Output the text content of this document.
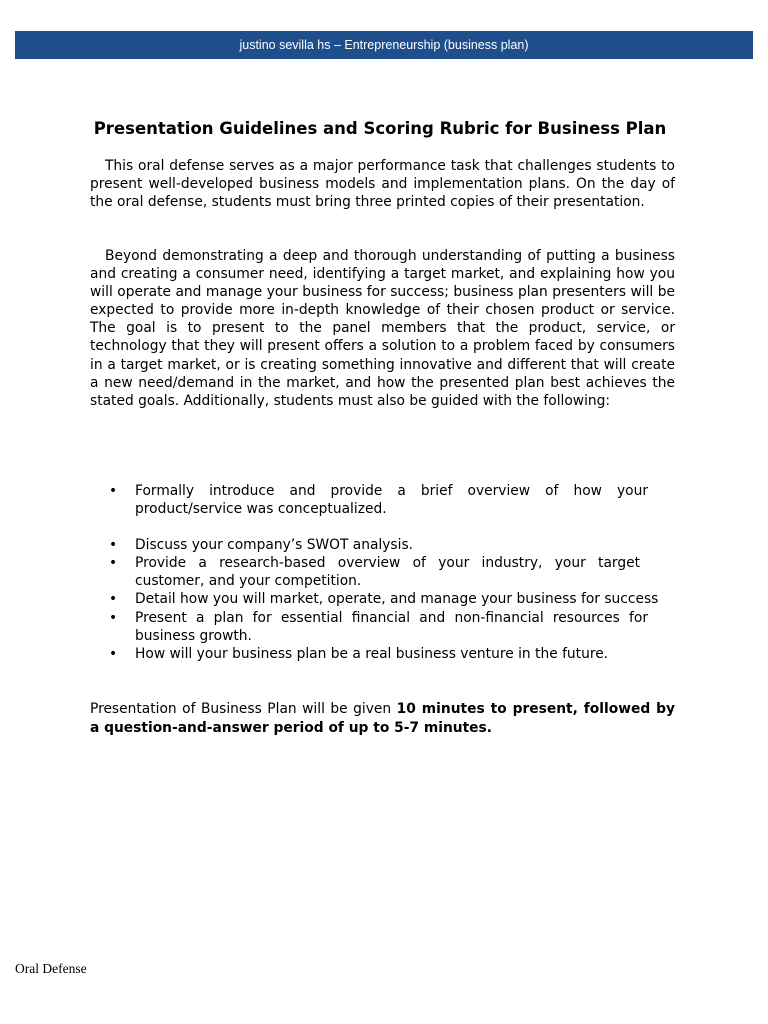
justino sevilla hs – Entrepreneurship (business plan)
Presentation Guidelines and Scoring Rubric for Business Plan

This oral defense serves as a major performance task that challenges students to present well-developed business models and implementation plans. On the day of the oral defense, students must bring three printed copies of their presentation.

Beyond demonstrating a deep and thorough understanding of putting a business and creating a consumer need, identifying a target market, and explaining how you will operate and manage your business for success; business plan presenters will be expected to provide more in-depth knowledge of their chosen product or service. The goal is to present to the panel members that the product, service, or technology that they will present offers a solution to a problem faced by consumers in a target market, or is creating something innovative and different that will create a new need/demand in the market, and how the presented plan best achieves the stated goals. Additionally, students must also be guided with the following:

• Formally introduce and provide a brief overview of how your product/service was conceptualized.
• Discuss your company’s SWOT analysis.
• Provide a research-based overview of your industry, your target customer, and your competition.
• Detail how you will market, operate, and manage your business for success
• Present a plan for essential financial and non-financial resources for business growth.
• How will your business plan be a real business venture in the future.

Presentation of Business Plan will be given 10 minutes to present, followed by a question-and-answer period of up to 5-7 minutes.

Oral Defense
